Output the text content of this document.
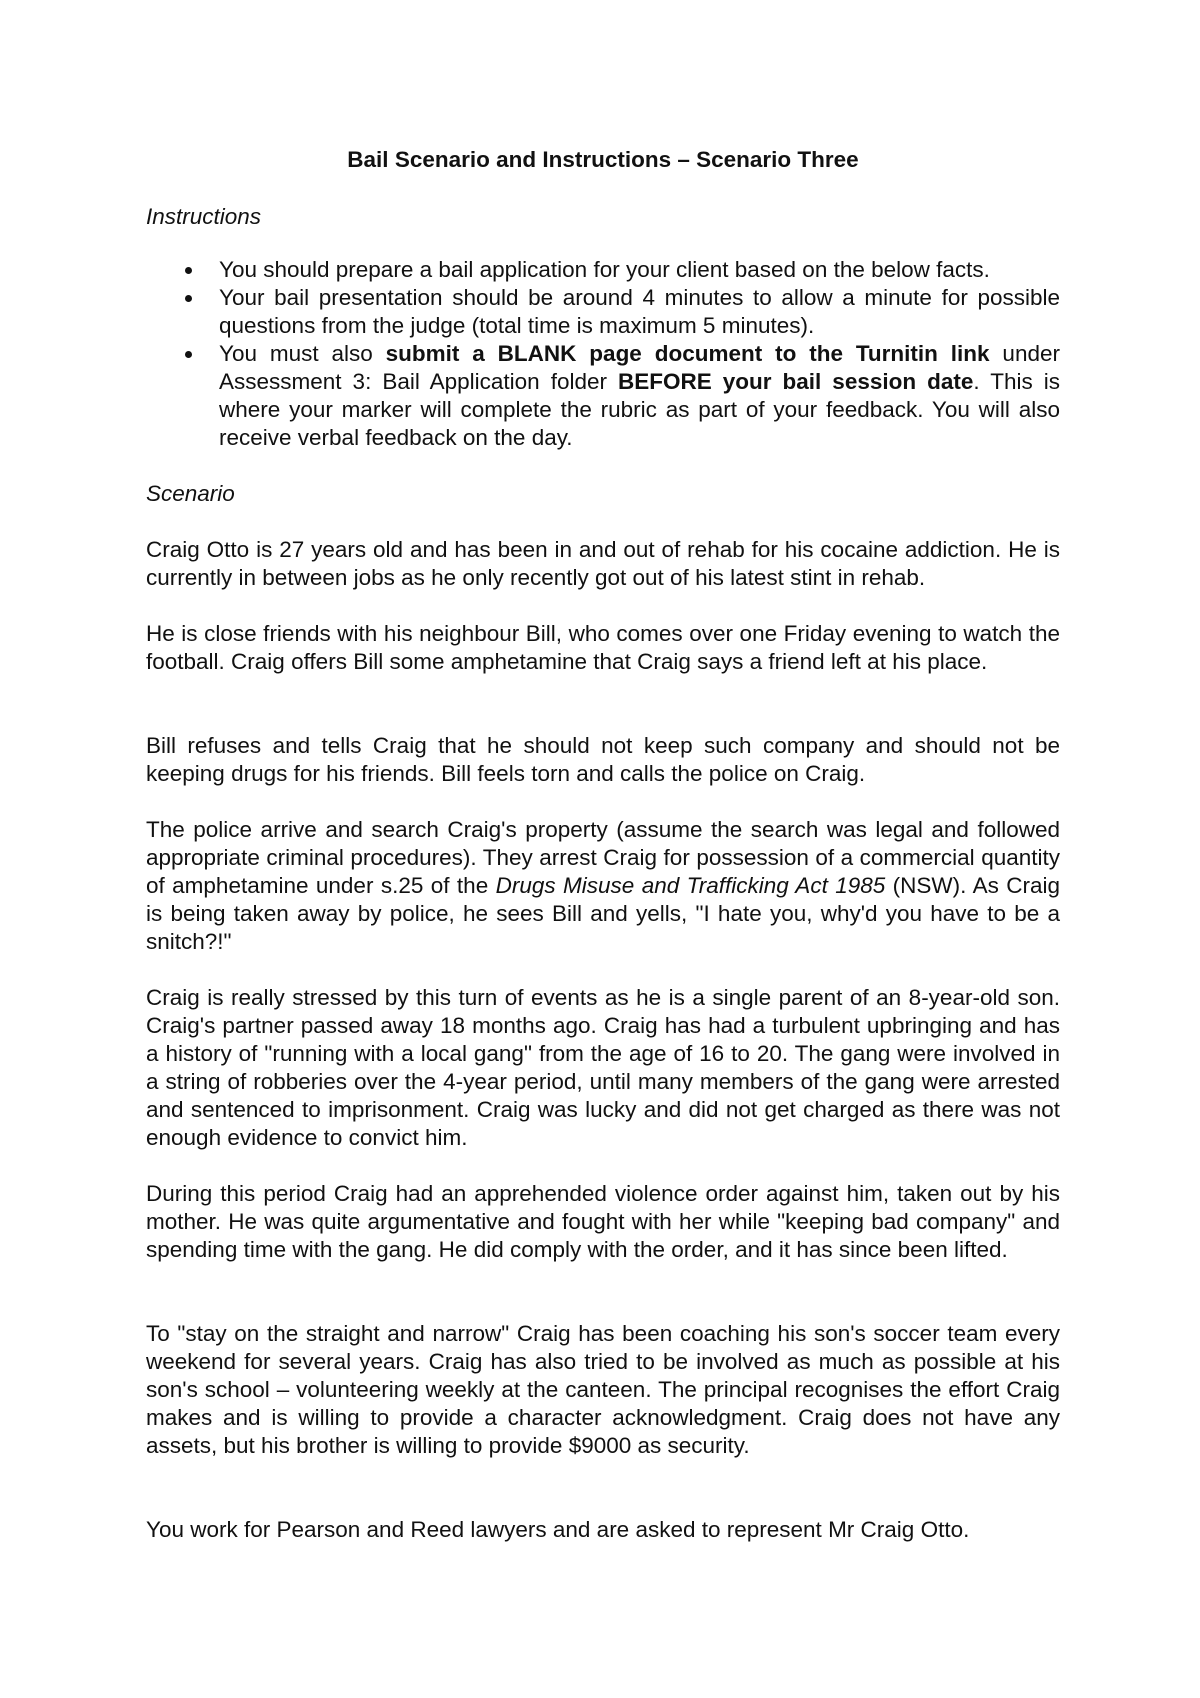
Bail Scenario and Instructions – Scenario Three
Instructions
You should prepare a bail application for your client based on the below facts.
Your bail presentation should be around 4 minutes to allow a minute for possible questions from the judge (total time is maximum 5 minutes).
You must also submit a BLANK page document to the Turnitin link under Assessment 3: Bail Application folder BEFORE your bail session date. This is where your marker will complete the rubric as part of your feedback. You will also receive verbal feedback on the day.
Scenario

Craig Otto is 27 years old and has been in and out of rehab for his cocaine addiction. He is currently in between jobs as he only recently got out of his latest stint in rehab.

He is close friends with his neighbour Bill, who comes over one Friday evening to watch the football. Craig offers Bill some amphetamine that Craig says a friend left at his place.

Bill refuses and tells Craig that he should not keep such company and should not be keeping drugs for his friends. Bill feels torn and calls the police on Craig.

The police arrive and search Craig's property (assume the search was legal and followed appropriate criminal procedures). They arrest Craig for possession of a commercial quantity of amphetamine under s.25 of the Drugs Misuse and Trafficking Act 1985 (NSW). As Craig is being taken away by police, he sees Bill and yells, "I hate you, why'd you have to be a snitch?!"

Craig is really stressed by this turn of events as he is a single parent of an 8-year-old son. Craig's partner passed away 18 months ago. Craig has had a turbulent upbringing and has a history of "running with a local gang" from the age of 16 to 20. The gang were involved in a string of robberies over the 4-year period, until many members of the gang were arrested and sentenced to imprisonment. Craig was lucky and did not get charged as there was not enough evidence to convict him.

During this period Craig had an apprehended violence order against him, taken out by his mother. He was quite argumentative and fought with her while "keeping bad company" and spending time with the gang. He did comply with the order, and it has since been lifted.

To "stay on the straight and narrow" Craig has been coaching his son's soccer team every weekend for several years. Craig has also tried to be involved as much as possible at his son's school – volunteering weekly at the canteen. The principal recognises the effort Craig makes and is willing to provide a character acknowledgment. Craig does not have any assets, but his brother is willing to provide $9000 as security.

You work for Pearson and Reed lawyers and are asked to represent Mr Craig Otto.
